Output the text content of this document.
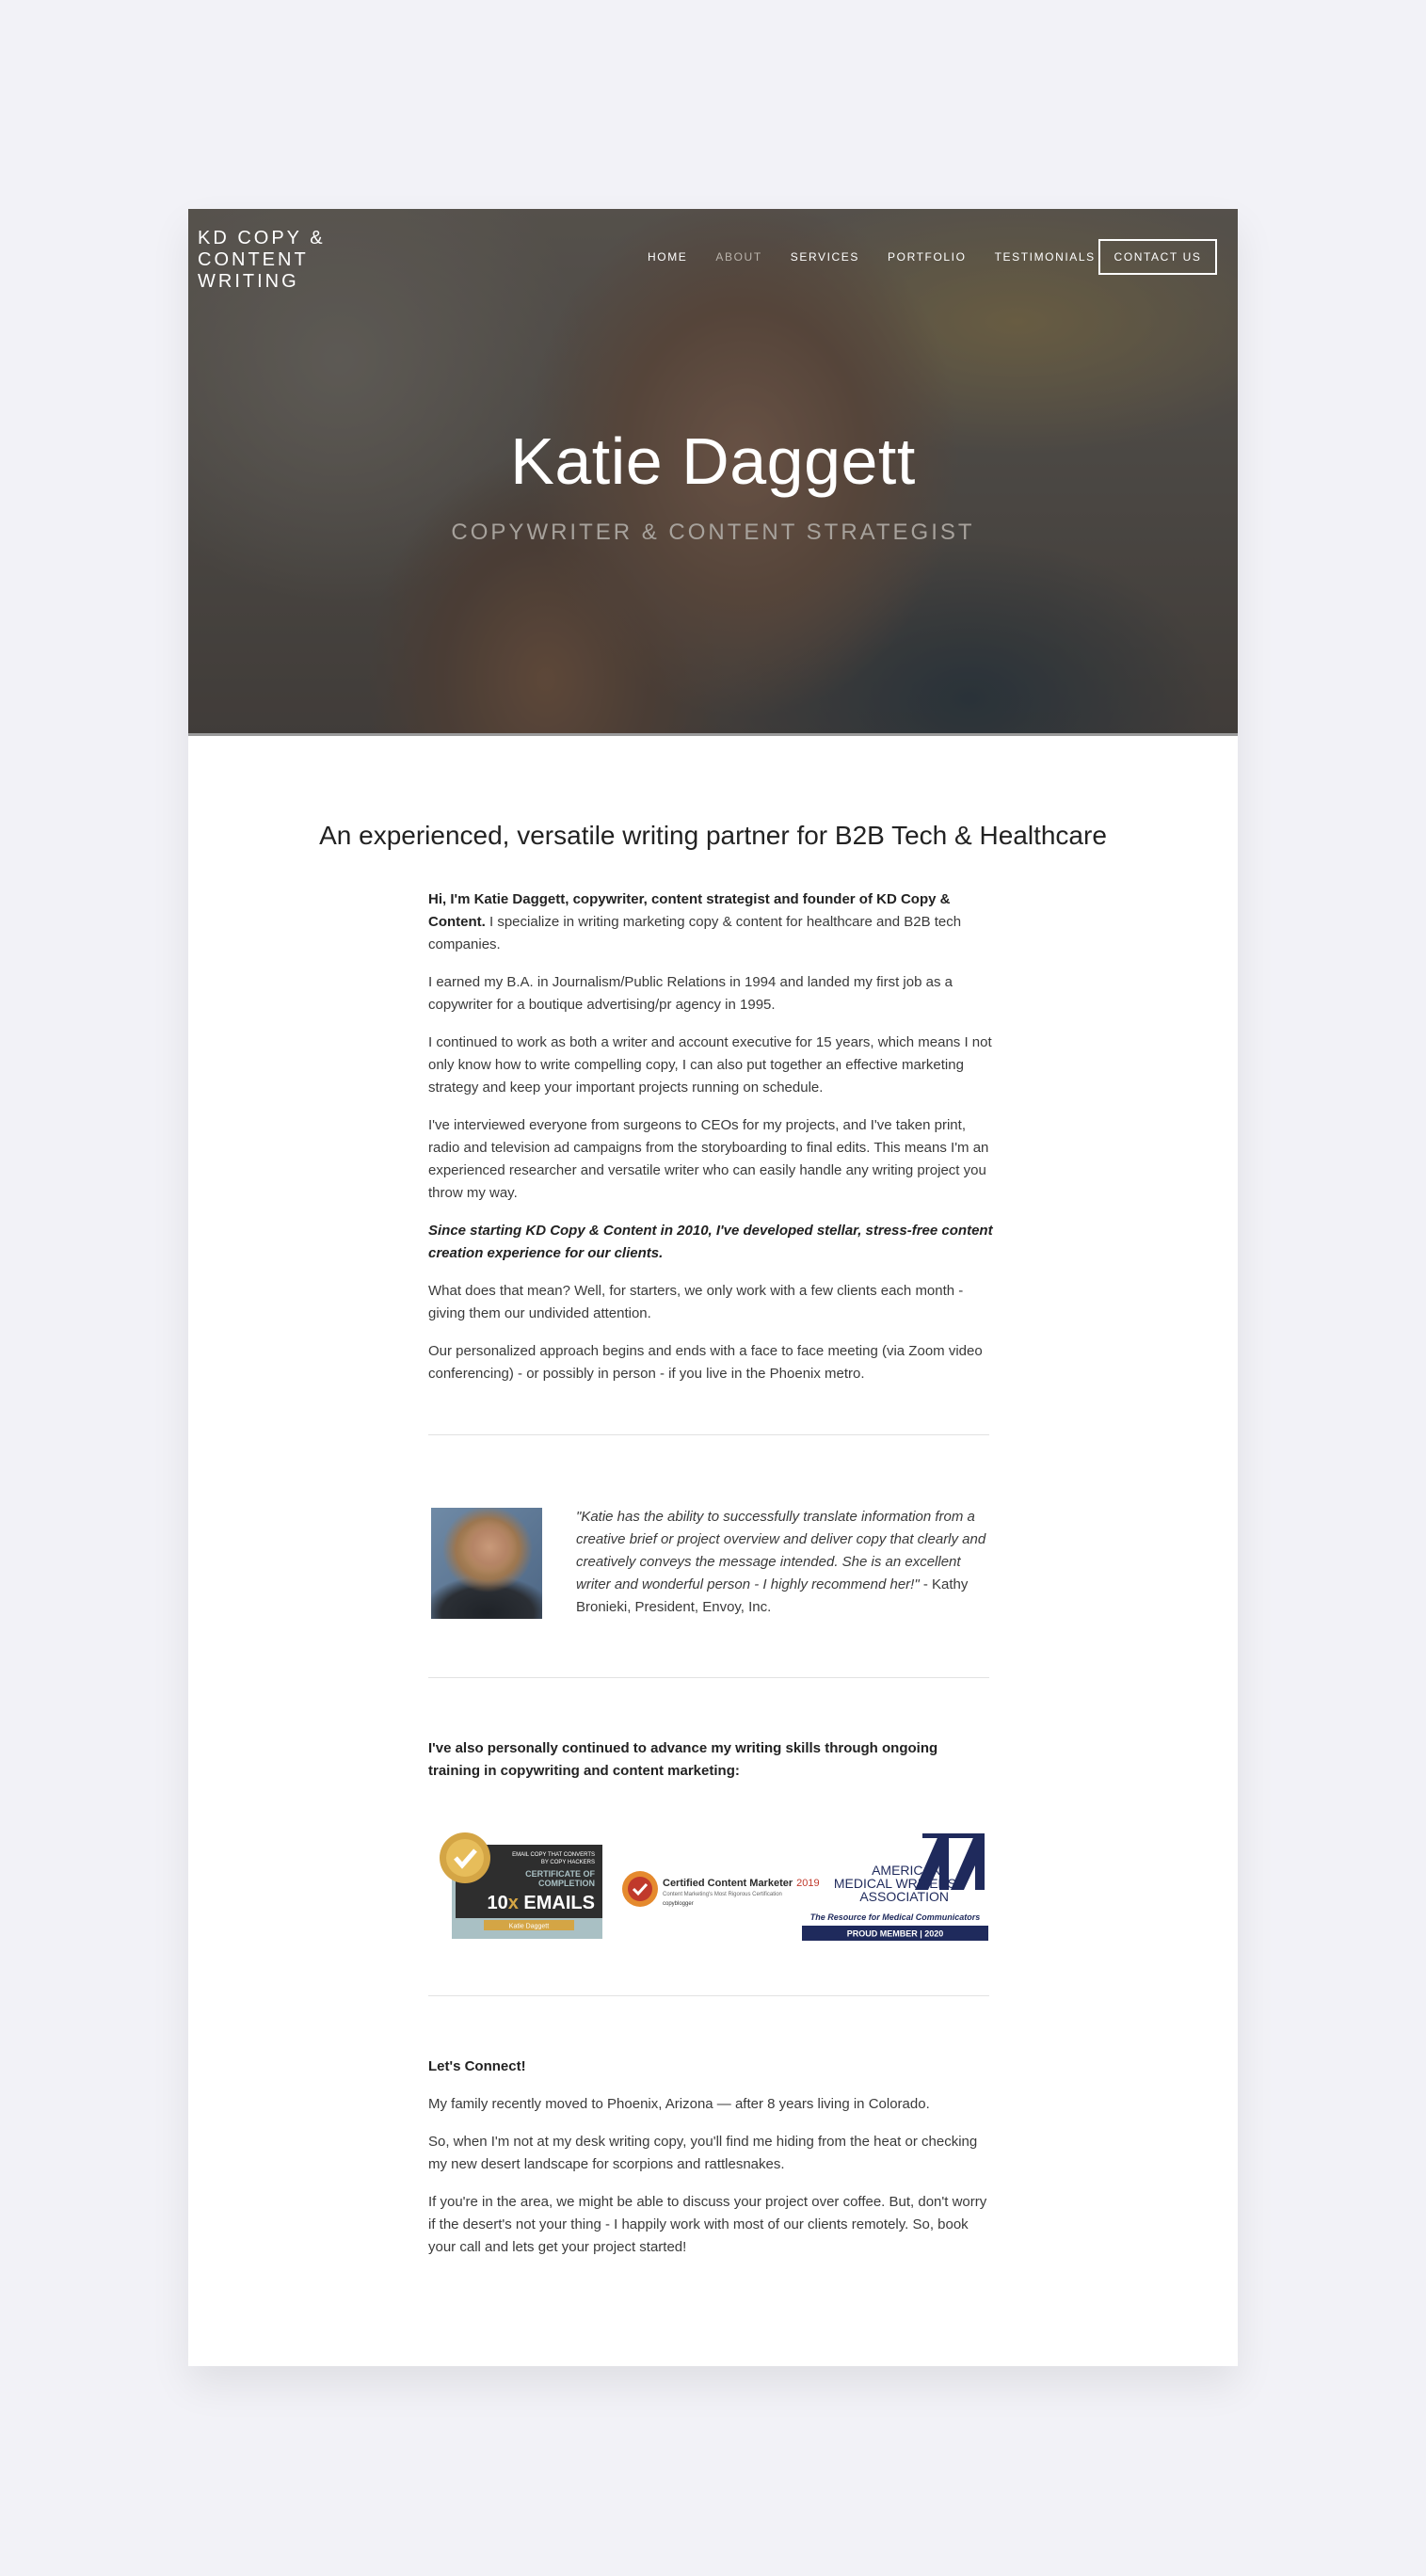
KD COPY & CONTENT WRITING
HOME	ABOUT	SERVICES	PORTFOLIO	TESTIMONIALS	CONTACT US
Katie Daggett
COPYWRITER & CONTENT STRATEGIST
An experienced, versatile writing partner for B2B Tech & Healthcare

Hi, I'm Katie Daggett, copywriter, content strategist and founder of KD Copy & Content. I specialize in writing marketing copy & content for healthcare and B2B tech companies.

I earned my B.A. in Journalism/Public Relations in 1994 and landed my first job as a copywriter for a boutique advertising/pr agency in 1995.

I continued to work as both a writer and account executive for 15 years, which means I not only know how to write compelling copy, I can also put together an effective marketing strategy and keep your important projects running on schedule.

I've interviewed everyone from surgeons to CEOs for my projects, and I've taken print, radio and television ad campaigns from the storyboarding to final edits. This means I'm an experienced researcher and versatile writer who can easily handle any writing project you throw my way.

Since starting KD Copy & Content in 2010, I've developed stellar, stress-free content creation experience for our clients.

What does that mean? Well, for starters, we only work with a few clients each month - giving them our undivided attention.

Our personalized approach begins and ends with a face to face meeting (via Zoom video conferencing) - or possibly in person - if you live in the Phoenix metro.

"Katie has the ability to successfully translate information from a creative brief or project overview and deliver copy that clearly and creatively conveys the message intended. She is an excellent writer and wonderful person - I highly recommend her!" - Kathy Bronieki, President, Envoy, Inc.

I've also personally continued to advance my writing skills through ongoing training in copywriting and content marketing:

EMAIL COPY THAT CONVERTS
BY COPY HACKERS
CERTIFICATE OF
COMPLETION
10x EMAILS
Katie Daggett
Certified Content Marketer 2019
Content Marketing's Most Rigorous Certification
copyblogger
AMERICAN
MEDICAL WRITERS
ASSOCIATION
The Resource for Medical Communicators
PROUD MEMBER | 2020

Let's Connect!

My family recently moved to Phoenix, Arizona — after 8 years living in Colorado.

So, when I'm not at my desk writing copy, you'll find me hiding from the heat or checking my new desert landscape for scorpions and rattlesnakes.

If you're in the area, we might be able to discuss your project over coffee. But, don't worry if the desert's not your thing - I happily work with most of our clients remotely. So, book your call and lets get your project started!
